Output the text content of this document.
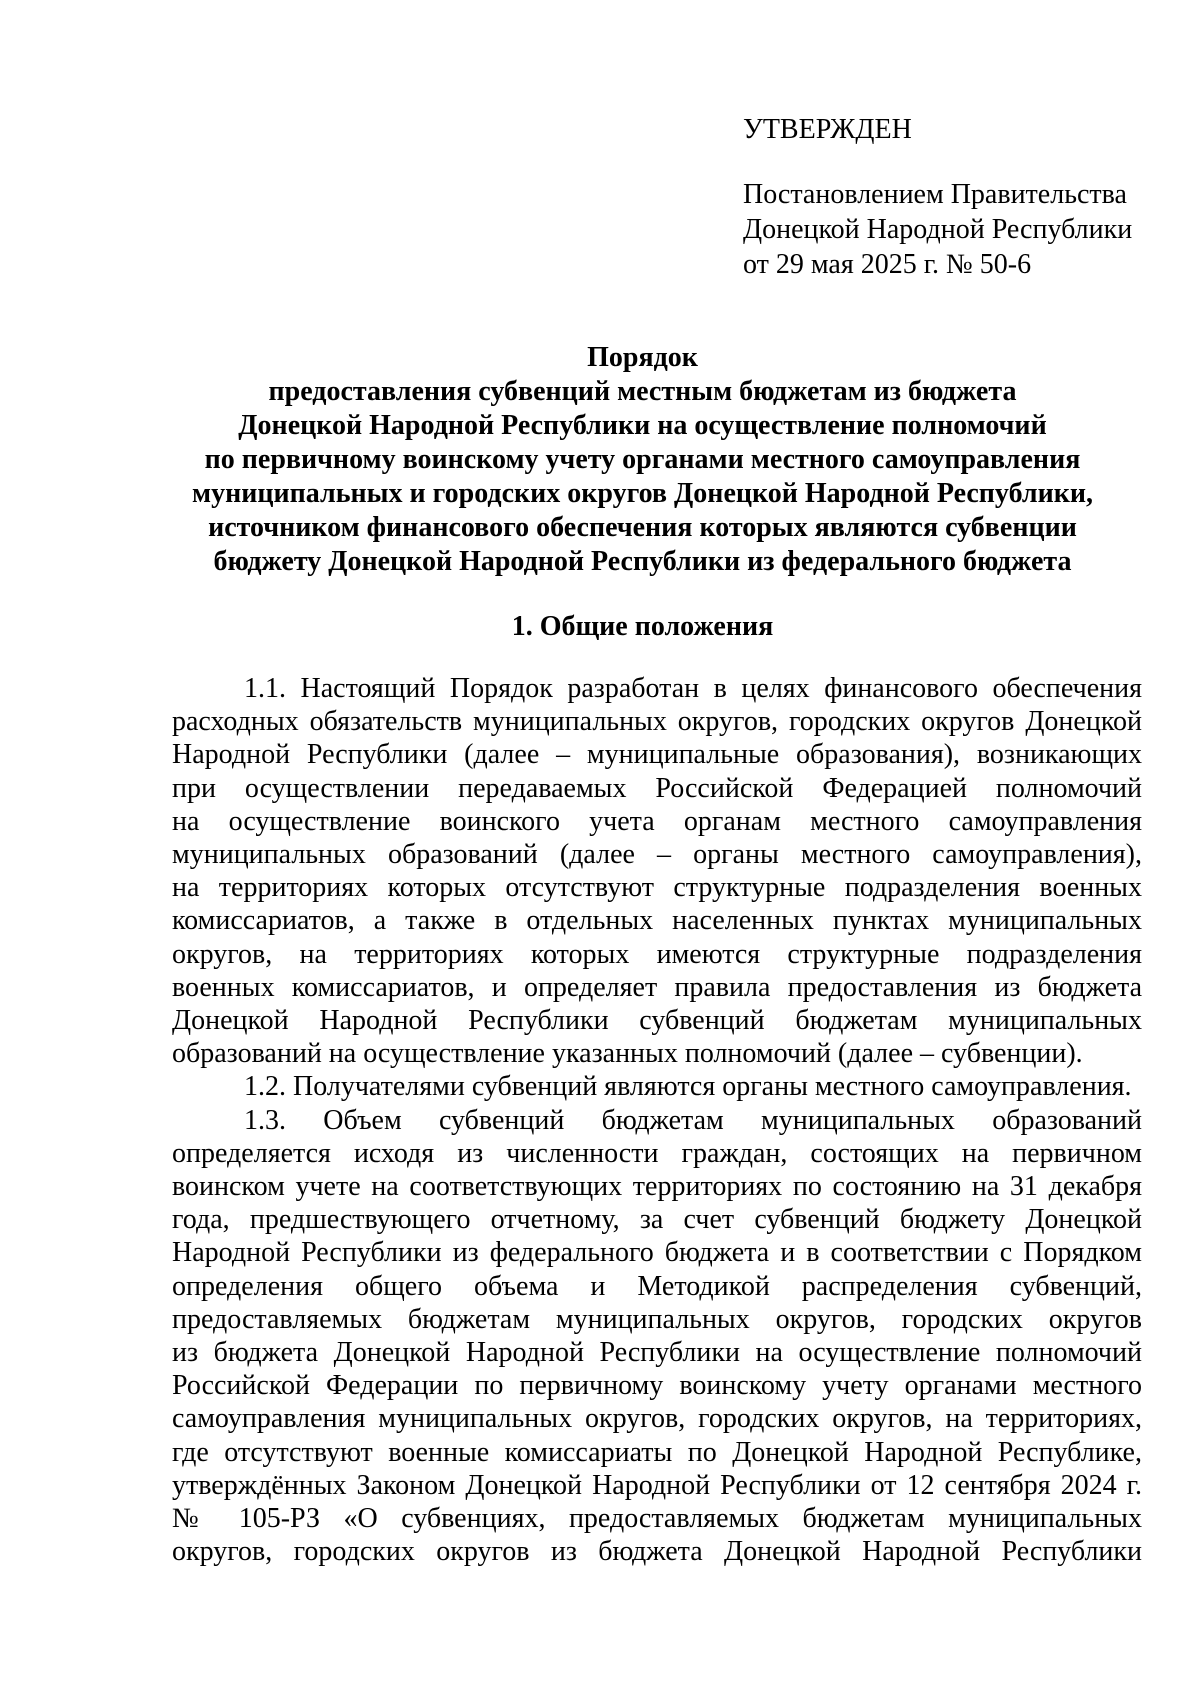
УТВЕРЖДЕН
Постановлением Правительства
Донецкой Народной Республики
от 29 мая 2025 г. № 50-6
Порядок
предоставления субвенций местным бюджетам из бюджета
Донецкой Народной Республики на осуществление полномочий
по первичному воинскому учету органами местного самоуправления
муниципальных и городских округов Донецкой Народной Республики,
источником финансового обеспечения которых являются субвенции
бюджету Донецкой Народной Республики из федерального бюджета
1. Общие положения
1.1. Настоящий Порядок разработан в целях финансового обеспечения
расходных обязательств муниципальных округов, городских округов Донецкой
Народной Республики (далее – муниципальные образования), возникающих
при осуществлении передаваемых Российской Федерацией полномочий
на осуществление воинского учета органам местного самоуправления
муниципальных образований (далее – органы местного самоуправления),
на территориях которых отсутствуют структурные подразделения военных
комиссариатов, а также в отдельных населенных пунктах муниципальных
округов, на территориях которых имеются структурные подразделения
военных комиссариатов, и определяет правила предоставления из бюджета
Донецкой Народной Республики субвенций бюджетам муниципальных
образований на осуществление указанных полномочий (далее – субвенции).
1.2. Получателями субвенций являются органы местного самоуправления.
1.3. Объем субвенций бюджетам муниципальных образований
определяется исходя из численности граждан, состоящих на первичном
воинском учете на соответствующих территориях по состоянию на 31 декабря
года, предшествующего отчетному, за счет субвенций бюджету Донецкой
Народной Республики из федерального бюджета и в соответствии с Порядком
определения общего объема и Методикой распределения субвенций,
предоставляемых бюджетам муниципальных округов, городских округов
из бюджета Донецкой Народной Республики на осуществление полномочий
Российской Федерации по первичному воинскому учету органами местного
самоуправления муниципальных округов, городских округов, на территориях,
где отсутствуют военные комиссариаты по Донецкой Народной Республике,
утверждённых Законом Донецкой Народной Республики от 12 сентября 2024 г.
№ 105-РЗ «О субвенциях, предоставляемых бюджетам муниципальных
округов, городских округов из бюджета Донецкой Народной Республики
